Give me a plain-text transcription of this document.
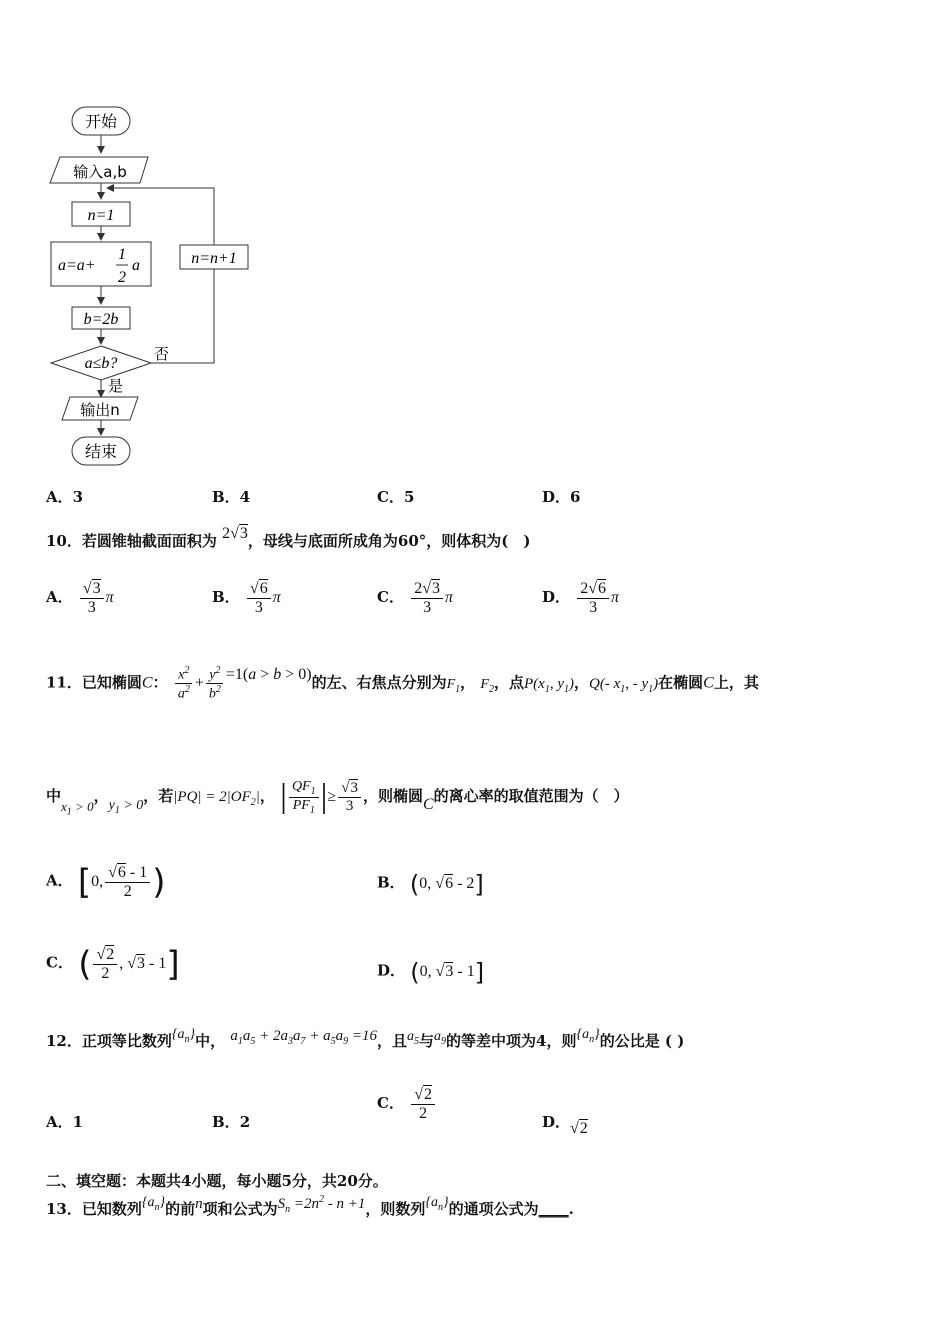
开始
输入a,b
n=1
a=a+
1
2
a
b=2b
a≤b?
否
n=n+1
是
输出n
结束
A．3	B．4	C．5	D．6
10．若圆锥轴截面面积为 2√3，母线与底面所成角为60°，则体积为(　)
A． $\frac{√3}{3}$ π	B． $\frac{√6}{3}$ π	C． $\frac{2√3}{3}$ π	D． $\frac{2√6}{3}$ π
11．已知椭圆C： $\frac{x^2}{a^2} + \frac{y^2}{b^2} =1(a > b > 0)$的左、右焦点分别为$F_1$， $F_2$，点$P(x_1$, $y_1$)，Q(- $x_1$, - $y_1$)在椭圆C上，其
中$x_1 > 0$，$y_1 > 0$，若$|PQ| = 2|OF_2|$， | $\frac{QF_1}{PF_1}$ |≥ $\frac{√3}{3}$ ，则椭圆C的离心率的取值范围为（　）
A． [0, $\frac{√6 - 1}{2}$ )	B． (0, √6 - 2]
C． ( $\frac{√2}{2}$ , √3 - 1]	D． (0, √3 - 1]
12．正项等比数列$\{a_n\}$中， $a_1a_5 + 2a_3a_7 + a_5a_9 =16$，且$a_5$与$a_9$的等差中项为4，则$\{a_n\}$的公比是 ( )
A．1	B．2
C． $\frac{√2}{2}$	D．√2
二、填空题：本题共4小题，每小题5分，共20分。
13．已知数列$\{a_n\}$的前n项和公式为$S_n =2n^2 - n +1$，则数列$\{a_n\}$的通项公式为____.
